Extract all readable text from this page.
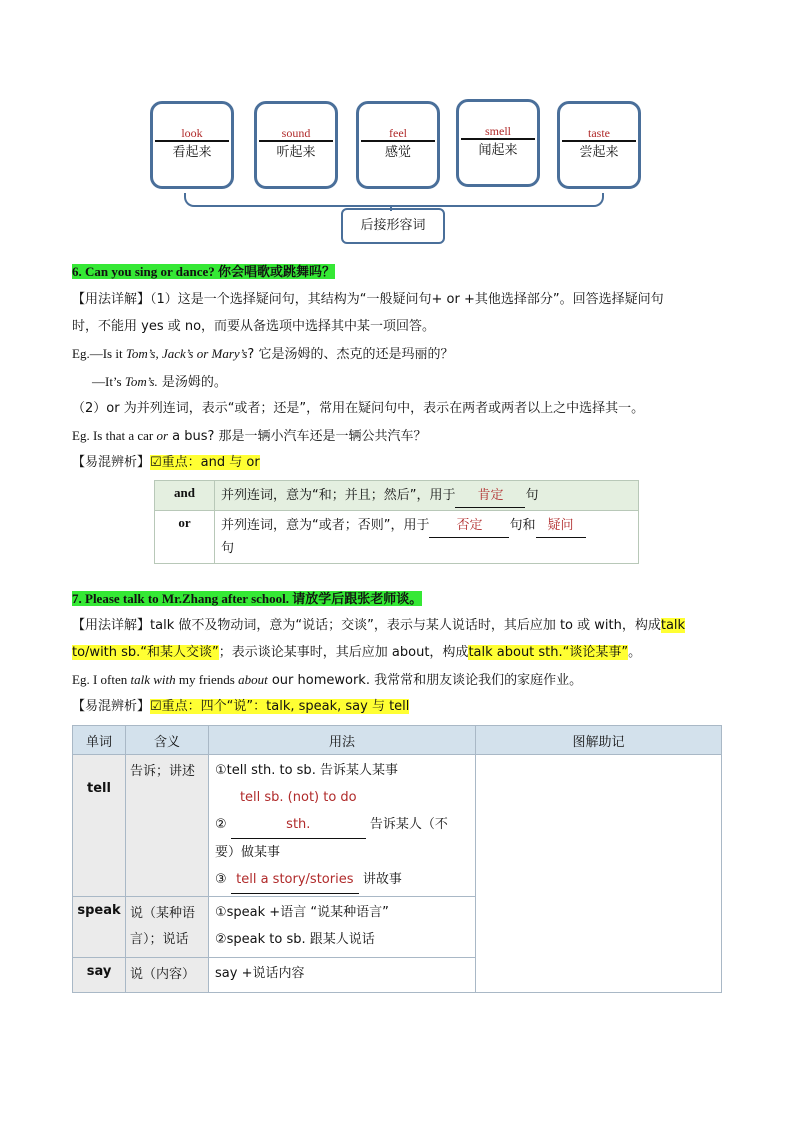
look
看起来
sound
听起来
feel
感觉
smell
闻起来
taste
尝起来
后接形容词
6. Can you sing or dance? 你会唱歌或跳舞吗？
【用法详解】（1）这是一个选择疑问句，其结构为“一般疑问句+ or +其他选择部分”。回答选择疑问句
时，不能用 yes 或 no，而要从备选项中选择其中某一项回答。
Eg.—Is it Tom’s, Jack’s or Mary’s? 它是汤姆的、杰克的还是玛丽的？
—It’s Tom’s. 是汤姆的。
（2）or 为并列连词，表示“或者；还是”，常用在疑问句中，表示在两者或两者以上之中选择其一。
Eg. Is that a car or a bus? 那是一辆小汽车还是一辆公共汽车？
【易混辨析】☑重点：and 与 or
and	并列连词，意为“和；并且；然后”，用于 肯定 句
or	并列连词，意为“或者；否则”，用于 否定 句和 疑问
句
7. Please talk to Mr.Zhang after school. 请放学后跟张老师谈。
【用法详解】talk 做不及物动词，意为“说话；交谈”，表示与某人说话时，其后应加 to 或 with，构成talk
to/with sb.“和某人交谈”；表示谈论某事时，其后应加 about，构成talk about sth.“谈论某事”。
Eg. I often talk with my friends about our homework. 我常常和朋友谈论我们的家庭作业。
【易混辨析】☑重点：四个“说”：talk, speak, say 与 tell
单词	含义	用法	图解助记
tell	告诉；讲述	①tell sth. to sb. 告诉某人某事
② tell sb. (not) to do sth. 告诉某人（不
要）做某事
③ tell a story/stories 讲故事	

speak	说（某种语言）；说话	①speak +语言 “说某种语言”
②speak to sb. 跟某人说话	

say	说（内容）	say +说话内容	
